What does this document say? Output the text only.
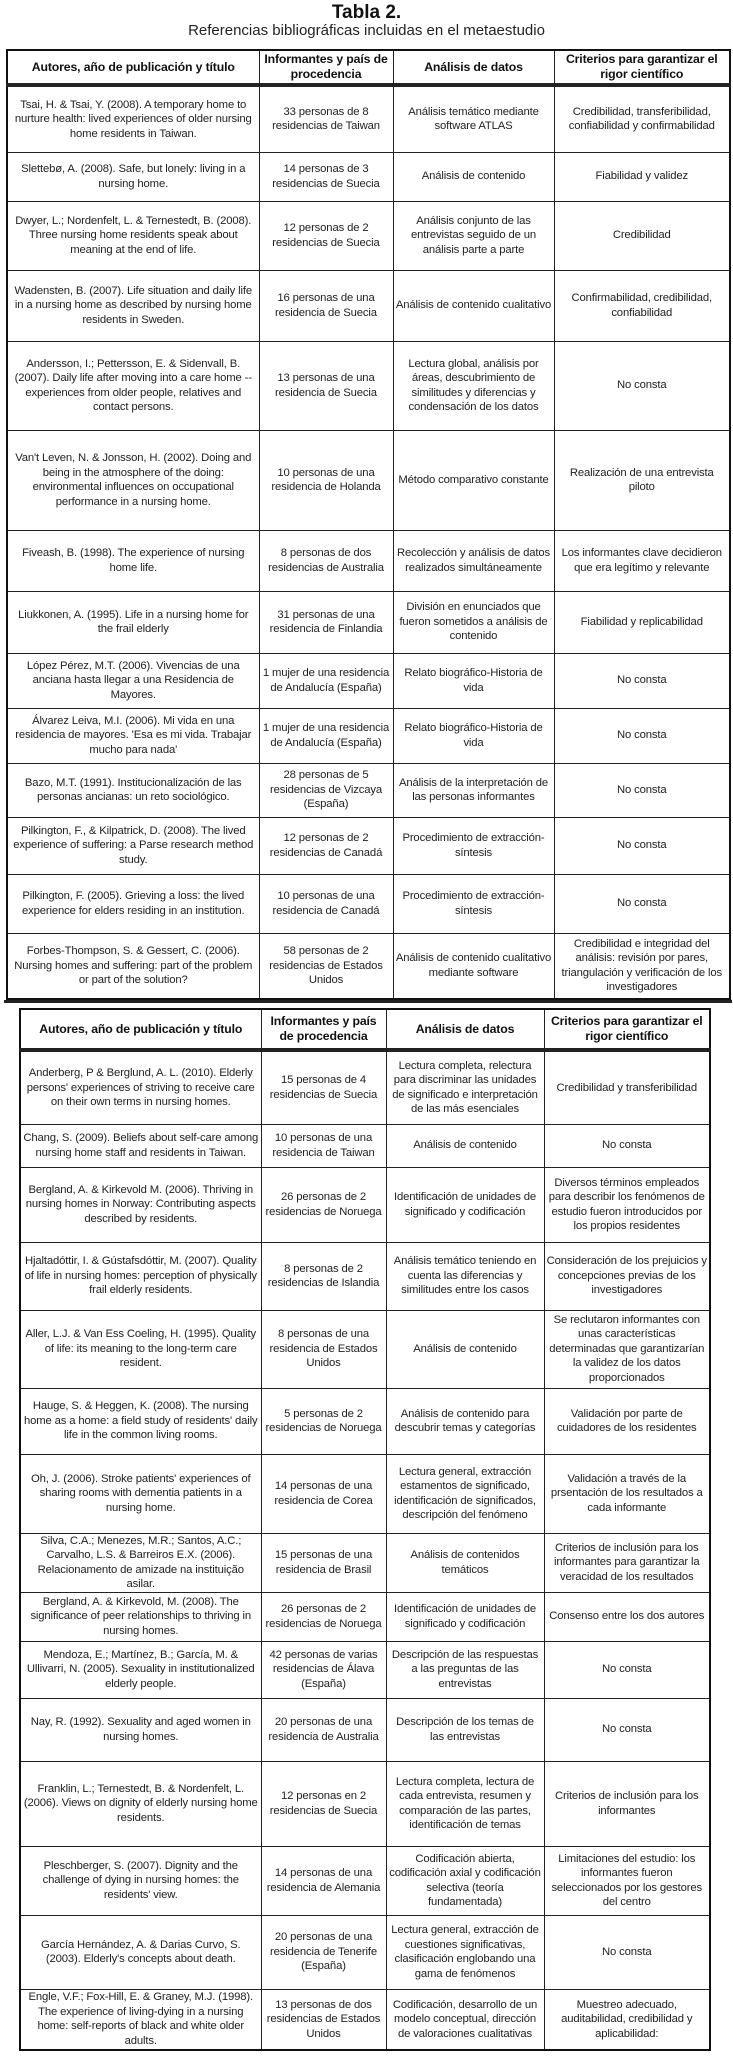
Tabla 2.
Referencias bibliográficas incluidas en el metaestudio
Autores, año de publicación y título	Informantes y país de procedencia	Análisis de datos	Criterios para garantizar el rigor científico
Tsai, H. & Tsai, Y. (2008). A temporary home to nurture health: lived experiences of older nursing home residents in Taiwan.	33 personas de 8 residencias de Taiwan	Análisis temático mediante software ATLAS	Credibilidad, transferibilidad, confiabilidad y confirmabilidad
Slettebø, A. (2008). Safe, but lonely: living in a nursing home.	14 personas de 3 residencias de Suecia	Análisis de contenido	Fiabilidad y validez
Dwyer, L.; Nordenfelt, L. & Ternestedt, B. (2008). Three nursing home residents speak about meaning at the end of life.	12 personas de 2 residencias de Suecia	Análisis conjunto de las entrevistas seguido de un análisis parte a parte	Credibilidad
Wadensten, B. (2007). Life situation and daily life in a nursing home as described by nursing home residents in Sweden.	16 personas de una residencia de Suecia	Análisis de contenido cualitativo	Confirmabilidad, credibilidad, confiabilidad
Andersson, I.; Pettersson, E. & Sidenvall, B. (2007). Daily life after moving into a care home -- experiences from older people, relatives and contact persons.	13 personas de una residencia de Suecia	Lectura global, análisis por áreas, descubrimiento de similitudes y diferencias y condensación de los datos	No consta
Van't Leven, N. & Jonsson, H. (2002). Doing and being in the atmosphere of the doing: environmental influences on occupational performance in a nursing home.	10 personas de una residencia de Holanda	Método comparativo constante	Realización de una entrevista piloto
Fiveash, B. (1998). The experience of nursing home life.	8 personas de dos residencias de Australia	Recolección y análisis de datos realizados simultáneamente	Los informantes clave decidieron que era legítimo y relevante
Liukkonen, A. (1995). Life in a nursing home for the frail elderly	31 personas de una residencia de Finlandia	División en enunciados que fueron sometidos a análisis de contenido	Fiabilidad y replicabilidad
López Pérez, M.T. (2006). Vivencias de una anciana hasta llegar a una Residencia de Mayores.	1 mujer de una residencia de Andalucía (España)	Relato biográfico-Historia de vida	No consta
Álvarez Leiva, M.I. (2006). Mi vida en una residencia de mayores. 'Esa es mi vida. Trabajar mucho para nada'	1 mujer de una residencia de Andalucía (España)	Relato biográfico-Historia de vida	No consta
Bazo, M.T. (1991). Institucionalización de las personas ancianas: un reto sociológico.	28 personas de 5 residencias de Vizcaya (España)	Análisis de la interpretación de las personas informantes	No consta
Pilkington, F., & Kilpatrick, D. (2008). The lived experience of suffering: a Parse research method study.	12 personas de 2 residencias de Canadá	Procedimiento de extracción-síntesis	No consta
Pilkington, F. (2005). Grieving a loss: the lived experience for elders residing in an institution.	10 personas de una residencia de Canadá	Procedimiento de extracción-síntesis	No consta
Forbes-Thompson, S. & Gessert, C. (2006). Nursing homes and suffering: part of the problem or part of the solution?	58 personas de 2 residencias de Estados Unidos	Análisis de contenido cualitativo mediante software	Credibilidad e integridad del análisis: revisión por pares, triangulación y verificación de los investigadores
Autores, año de publicación y título	Informantes y país de procedencia	Análisis de datos	Criterios para garantizar el rigor científico
Anderberg, P & Berglund, A. L. (2010). Elderly persons' experiences of striving to receive care on their own terms in nursing homes.	15 personas de 4 residencias de Suecia	Lectura completa, relectura para discriminar las unidades de significado e interpretación de las más esenciales	Credibilidad y transferibilidad
Chang, S. (2009). Beliefs about self-care among nursing home staff and residents in Taiwan.	10 personas de una residencia de Taiwan	Análisis de contenido	No consta
Bergland, A. & Kirkevold M. (2006). Thriving in nursing homes in Norway: Contributing aspects described by residents.	26 personas de 2 residencias de Noruega	Identificación de unidades de significado y codificación	Diversos términos empleados para describir los fenómenos de estudio fueron introducidos por los propios residentes
Hjaltadóttir, I. & Gústafsdóttir, M. (2007). Quality of life in nursing homes: perception of physically frail elderly residents.	8 personas de 2 residencias de Islandia	Análisis temático teniendo en cuenta las diferencias y similitudes entre los casos	Consideración de los prejuicios y concepciones previas de los investigadores
Aller, L.J. & Van Ess Coeling, H. (1995). Quality of life: its meaning to the long-term care resident.	8 personas de una residencia de Estados Unidos	Análisis de contenido	Se reclutaron informantes con unas características determinadas que garantizarían la validez de los datos proporcionados
Hauge, S. & Heggen, K. (2008). The nursing home as a home: a field study of residents' daily life in the common living rooms.	5 personas de 2 residencias de Noruega	Análisis de contenido para descubrir temas y categorías	Validación por parte de cuidadores de los residentes
Oh, J. (2006). Stroke patients' experiences of sharing rooms with dementia patients in a nursing home.	14 personas de una residencia de Corea	Lectura general, extracción estamentos de significado, identificación de significados, descripción del fenómeno	Validación a través de la prsentación de los resultados a cada informante
Silva, C.A.; Menezes, M.R.; Santos, A.C.; Carvalho, L.S. & Barreiros E.X. (2006). Relacionamento de amizade na instituição asilar.	15 personas de una residencia de Brasil	Análisis de contenidos temáticos	Criterios de inclusión para los informantes para garantizar la veracidad de los resultados
Bergland, A. & Kirkevold, M. (2008). The significance of peer relationships to thriving in nursing homes.	26 personas de 2 residencias de Noruega	Identificación de unidades de significado y codificación	Consenso entre los dos autores
Mendoza, E.; Martínez, B.; García, M. & Ullivarri, N. (2005). Sexuality in institutionalized elderly people.	42 personas de varias residencias de Álava (España)	Descripción de las respuestas a las preguntas de las entrevistas	No consta
Nay, R. (1992). Sexuality and aged women in nursing homes.	20 personas de una residencia de Australia	Descripción de los temas de las entrevistas	No consta
Franklin, L.; Ternestedt, B. & Nordenfelt, L. (2006). Views on dignity of elderly nursing home residents.	12 personas en 2 residencias de Suecia	Lectura completa, lectura de cada entrevista, resumen y comparación de las partes, identificación de temas	Criterios de inclusión para los informantes
Pleschberger, S. (2007). Dignity and the challenge of dying in nursing homes: the residents' view.	14 personas de una residencia de Alemania	Codificación abierta, codificación axial y codificación selectiva (teoría fundamentada)	Limitaciones del estudio: los informantes fueron seleccionados por los gestores del centro
García Hernández, A. & Darias Curvo, S. (2003). Elderly's concepts about death.	20 personas de una residencia de Tenerife (España)	Lectura general, extracción de cuestiones significativas, clasificación englobando una gama de fenómenos	No consta
Engle, V.F.; Fox-Hill, E. & Graney, M.J. (1998). The experience of living-dying in a nursing home: self-reports of black and white older adults.	13 personas de dos residencias de Estados Unidos	Codificación, desarrollo de un modelo conceptual, dirección de valoraciones cualitativas	Muestreo adecuado, auditabilidad, credibilidad y aplicabilidad:
